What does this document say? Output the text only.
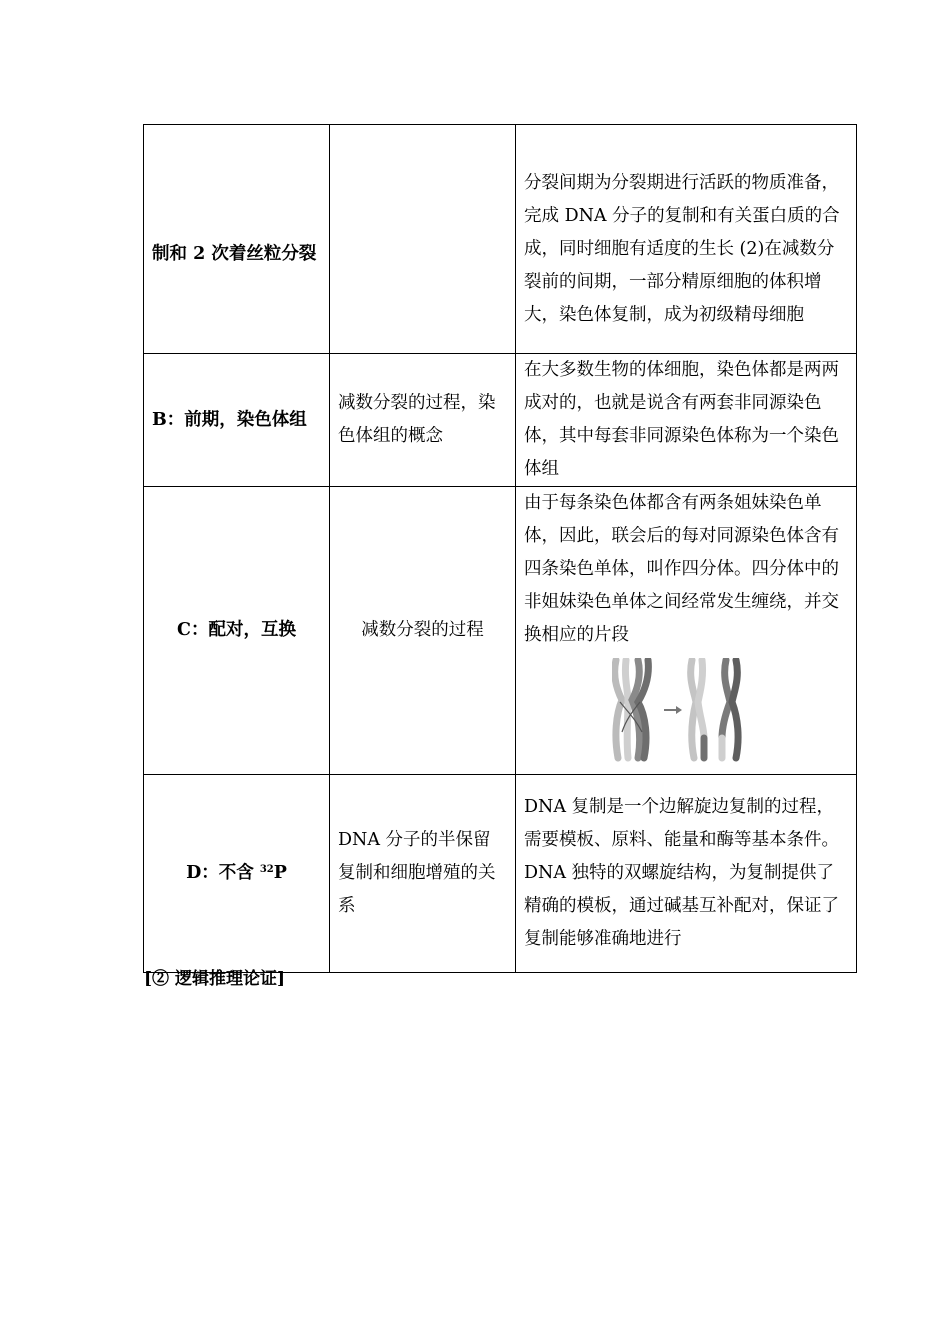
制和 2 次着丝粒分裂		分裂间期为分裂期进行活跃的物质准备，完成 DNA 分子的复制和有关蛋白质的合成，同时细胞有适度的生长 (2)在减数分裂前的间期，一部分精原细胞的体积增大，染色体复制，成为初级精母细胞

B：前期，染色体组	减数分裂的过程，染色体组的概念	在大多数生物的体细胞，染色体都是两两成对的，也就是说含有两套非同源染色体，其中每套非同源染色体称为一个染色体组

C：配对，互换	减数分裂的过程	由于每条染色体都含有两条姐妹染色单体，因此，联会后的每对同源染色体含有四条染色单体，叫作四分体。四分体中的非姐妹染色单体之间经常发生缠绕，并交换相应的片段

D：不含 $^{32}$P	DNA 分子的半保留复制和细胞增殖的关系	DNA 复制是一个边解旋边复制的过程，需要模板、原料、能量和酶等基本条件。DNA 独特的双螺旋结构，为复制提供了精确的模板，通过碱基互补配对，保证了复制能够准确地进行
[② 逻辑推理论证]
